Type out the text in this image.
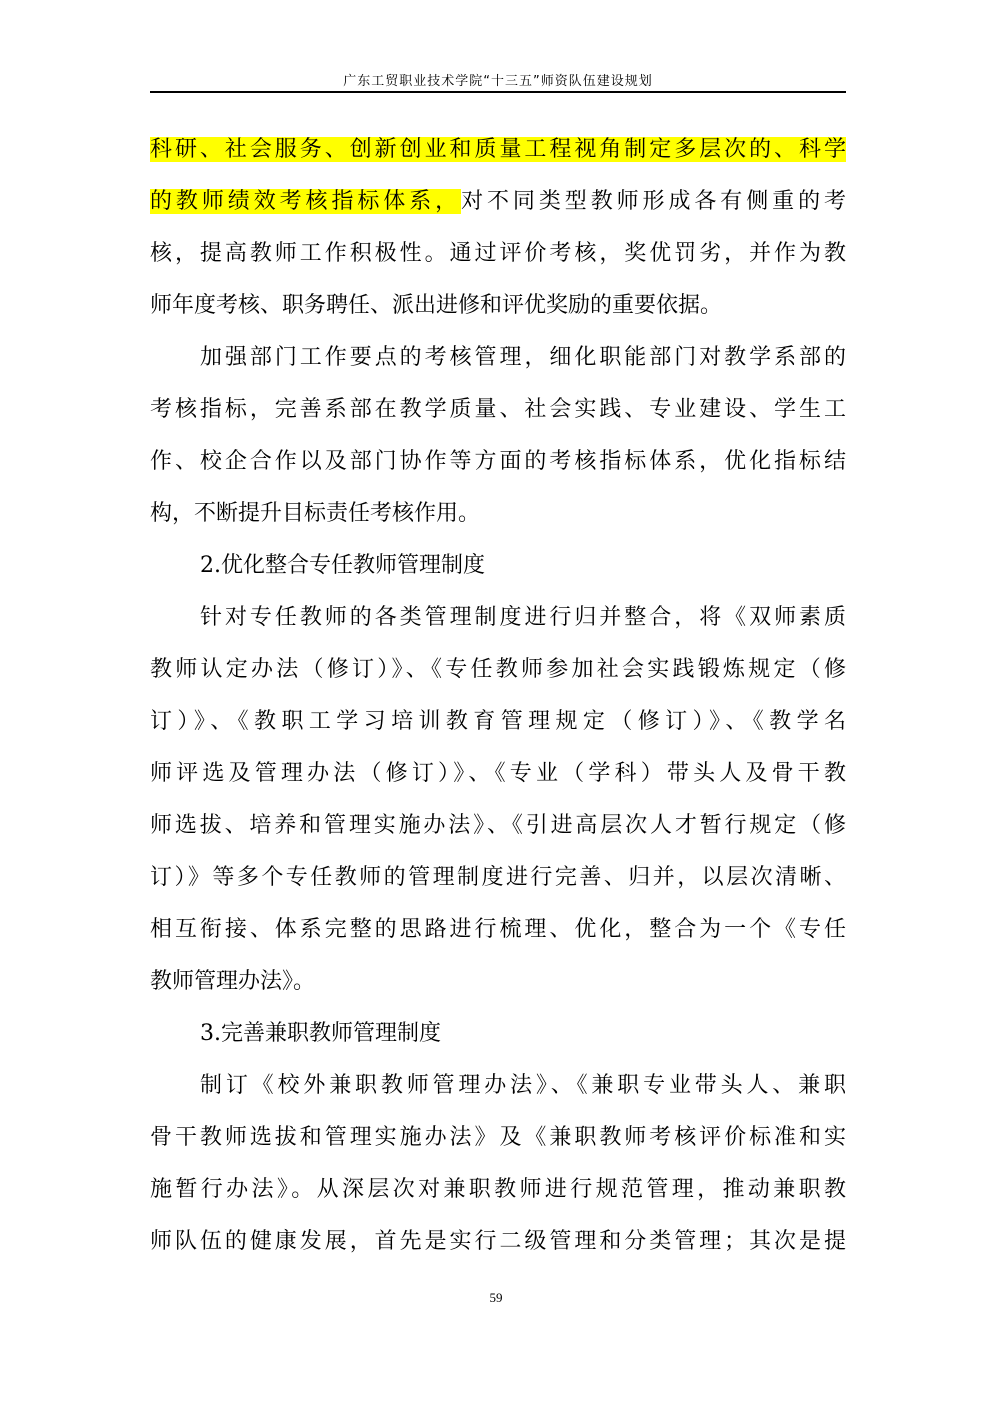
广东工贸职业技术学院“十三五”师资队伍建设规划
科研、社会服务、创新创业和质量工程视角制定多层次的、科学
的教师绩效考核指标体系，对不同类型教师形成各有侧重的考
核，提高教师工作积极性。通过评价考核，奖优罚劣，并作为教
师年度考核、职务聘任、派出进修和评优奖励的重要依据。
加强部门工作要点的考核管理，细化职能部门对教学系部的
考核指标，完善系部在教学质量、社会实践、专业建设、学生工
作、校企合作以及部门协作等方面的考核指标体系，优化指标结
构，不断提升目标责任考核作用。
2.优化整合专任教师管理制度
针对专任教师的各类管理制度进行归并整合，将《双师素质
教师认定办法（修订）》、《专任教师参加社会实践锻炼规定（修
订）》、《教职工学习培训教育管理规定（修订）》、《教学名
师评选及管理办法（修订）》、《专业（学科）带头人及骨干教
师选拔、培养和管理实施办法》、《引进高层次人才暂行规定（修
订）》等多个专任教师的管理制度进行完善、归并，以层次清晰、
相互衔接、体系完整的思路进行梳理、优化，整合为一个《专任
教师管理办法》。
3.完善兼职教师管理制度
制订《校外兼职教师管理办法》、《兼职专业带头人、兼职
骨干教师选拔和管理实施办法》及《兼职教师考核评价标准和实
施暂行办法》。从深层次对兼职教师进行规范管理，推动兼职教
师队伍的健康发展，首先是实行二级管理和分类管理；其次是提
59
